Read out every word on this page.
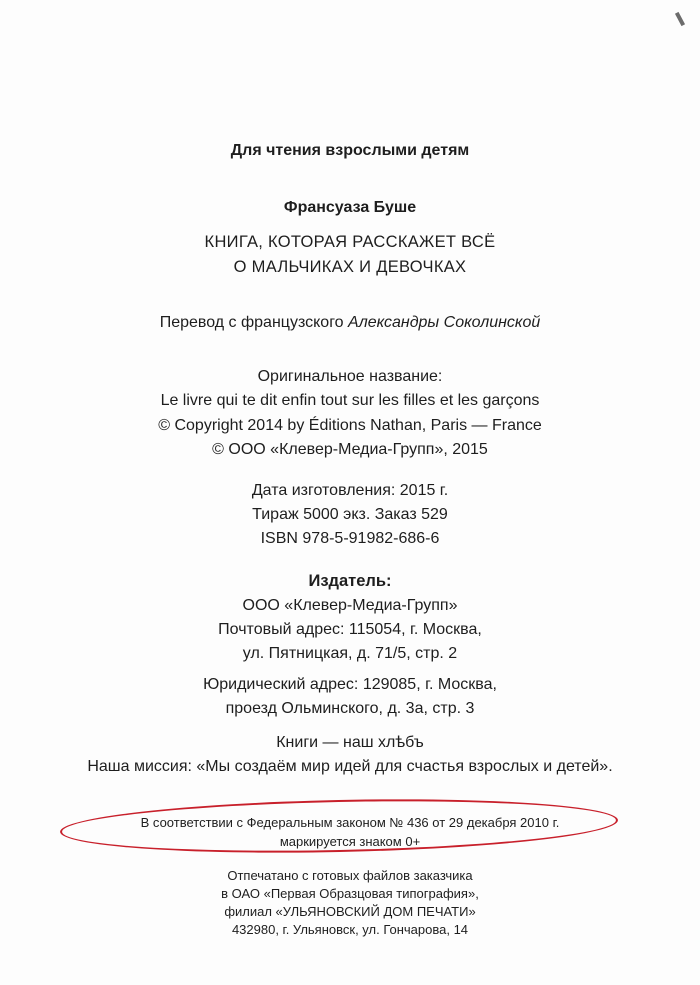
Для чтения взрослыми детям
Франсуаза Буше
КНИГА, КОТОРАЯ РАССКАЖЕТ ВСЁ
О МАЛЬЧИКАХ И ДЕВОЧКАХ
Перевод с французского Александры Соколинской
Оригинальное название:
Le livre qui te dit enfin tout sur les filles et les garçons
© Copyright 2014 by Éditions Nathan, Paris — France
© ООО «Клевер-Медиа-Групп», 2015
Дата изготовления: 2015 г.
Тираж 5000 экз. Заказ 529
ISBN 978-5-91982-686-6
Издатель:
ООО «Клевер-Медиа-Групп»
Почтовый адрес: 115054, г. Москва,
ул. Пятницкая, д. 71/5, стр. 2
Юридический адрес: 129085, г. Москва,
проезд Ольминского, д. 3а, стр. 3
Книги — наш хлѣбъ
Наша миссия: «Мы создаём мир идей для счастья взрослых и детей».
В соответствии с Федеральным законом № 436 от 29 декабря 2010 г.
маркируется знаком 0+
Отпечатано с готовых файлов заказчика
в ОАО «Первая Образцовая типография»,
филиал «УЛЬЯНОВСКИЙ ДОМ ПЕЧАТИ»
432980, г. Ульяновск, ул. Гончарова, 14
